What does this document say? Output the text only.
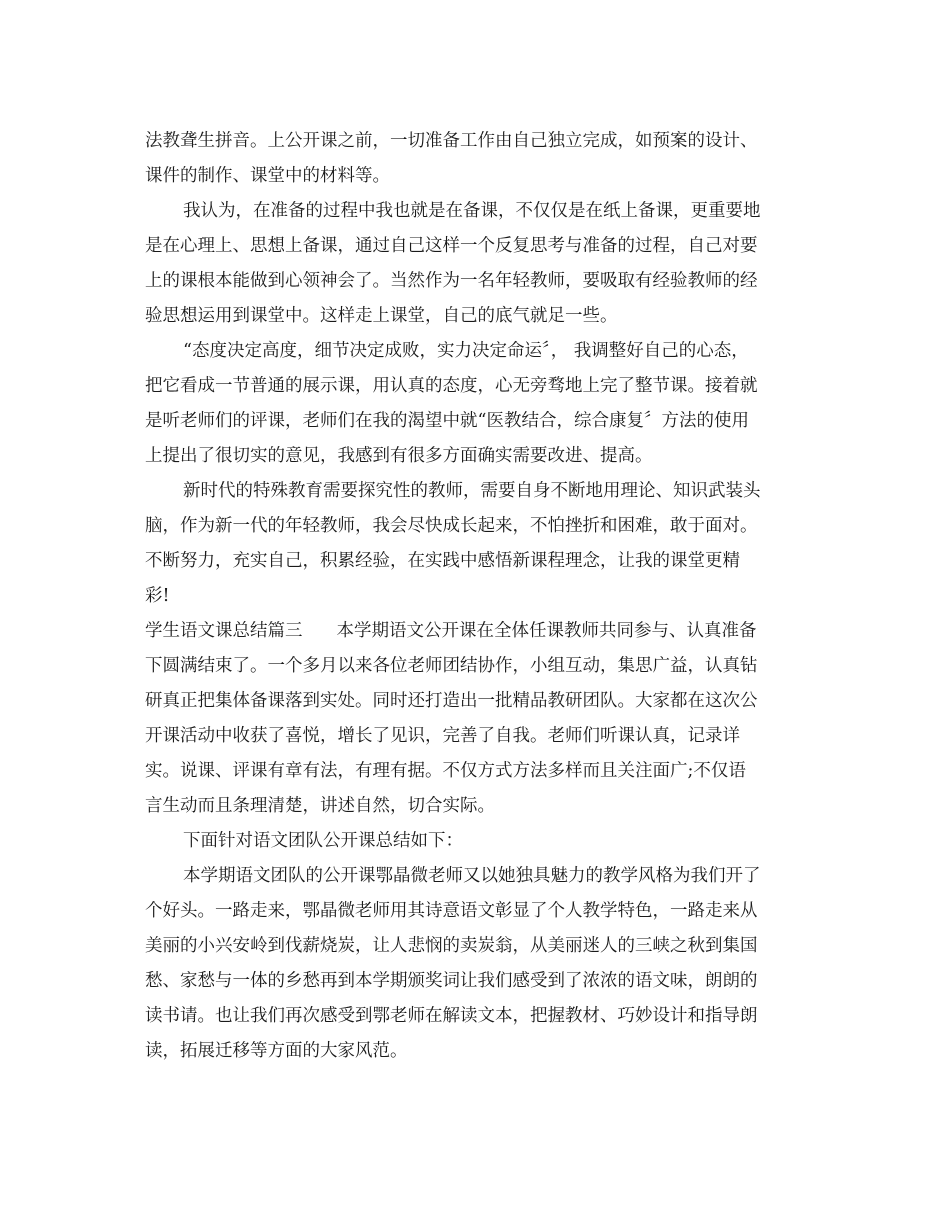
法教聋生拼音。上公开课之前，一切准备工作由自己独立完成，如预案的设计、
课件的制作、课堂中的材料等。
我认为，在准备的过程中我也就是在备课，不仅仅是在纸上备课，更重要地
是在心理上、思想上备课，通过自己这样一个反复思考与准备的过程，自己对要
上的课根本能做到心领神会了。当然作为一名年轻教师，要吸取有经验教师的经
验思想运用到课堂中。这样走上课堂，自己的底气就足一些。
“态度决定高度，细节决定成败，实力决定命运〞， 我调整好自己的心态，
把它看成一节普通的展示课，用认真的态度，心无旁骛地上完了整节课。接着就
是听老师们的评课，老师们在我的渴望中就“医教结合，综合康复〞方法的使用
上提出了很切实的意见，我感到有很多方面确实需要改进、提高。
新时代的特殊教育需要探究性的教师，需要自身不断地用理论、知识武装头
脑，作为新一代的年轻教师，我会尽快成长起来，不怕挫折和困难，敢于面对。
不断努力，充实自己，积累经验，在实践中感悟新课程理念，让我的课堂更精
彩!
学生语文课总结篇三 本学期语文公开课在全体任课教师共同参与、认真准备
下圆满结束了。一个多月以来各位老师团结协作，小组互动，集思广益，认真钻
研真正把集体备课落到实处。同时还打造出一批精品教研团队。大家都在这次公
开课活动中收获了喜悦，增长了见识，完善了自我。老师们听课认真，记录详
实。说课、评课有章有法，有理有据。不仅方式方法多样而且关注面广;不仅语
言生动而且条理清楚，讲述自然，切合实际。
下面针对语文团队公开课总结如下：
本学期语文团队的公开课鄂晶微老师又以她独具魅力的教学风格为我们开了
个好头。一路走来，鄂晶微老师用其诗意语文彰显了个人教学特色，一路走来从
美丽的小兴安岭到伐薪烧炭，让人悲悯的卖炭翁，从美丽迷人的三峡之秋到集国
愁、家愁与一体的乡愁再到本学期颁奖词让我们感受到了浓浓的语文味，朗朗的
读书请。也让我们再次感受到鄂老师在解读文本，把握教材、巧妙设计和指导朗
读，拓展迁移等方面的大家风范。
